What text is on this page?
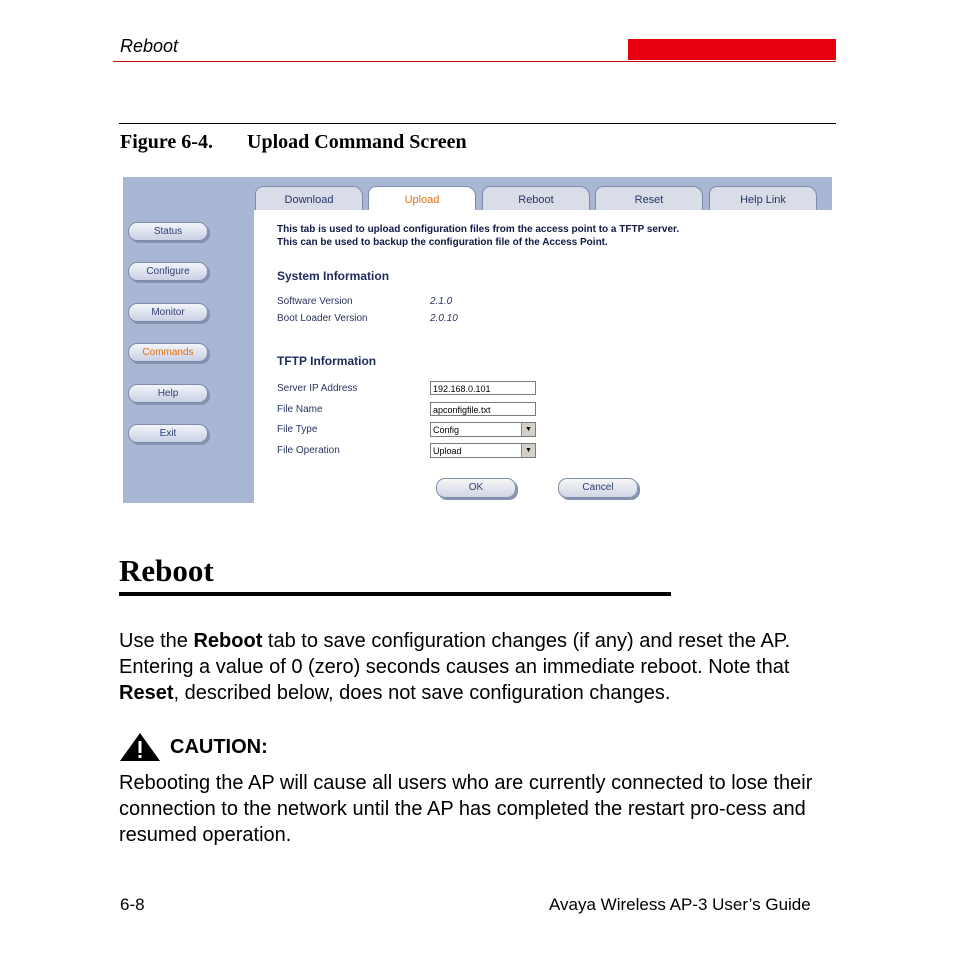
Reboot
Figure 6-4. Upload Command Screen
Status
Configure
Monitor
Commands
Help
Exit
Download	Upload	Reboot	Reset	Help Link
This tab is used to upload configuration files from the access point to a TFTP server.
This can be used to backup the configuration file of the Access Point.
System Information
Software Version	2.1.0
Boot Loader Version	2.0.10
TFTP Information
Server IP Address	192.168.0.101
File Name	apconfigfile.txt
File Type	Config	▼
File Operation	Upload	▼
OK	Cancel
Reboot
Use the Reboot tab to save configuration changes (if any) and reset the AP. Entering a value of 0 (zero) seconds causes an immediate reboot. Note that Reset, described below, does not save configuration changes.
CAUTION:
Rebooting the AP will cause all users who are currently connected to lose their connection to the network until the AP has completed the restart pro-cess and resumed operation.
6-8	Avaya Wireless AP-3 User’s Guide
